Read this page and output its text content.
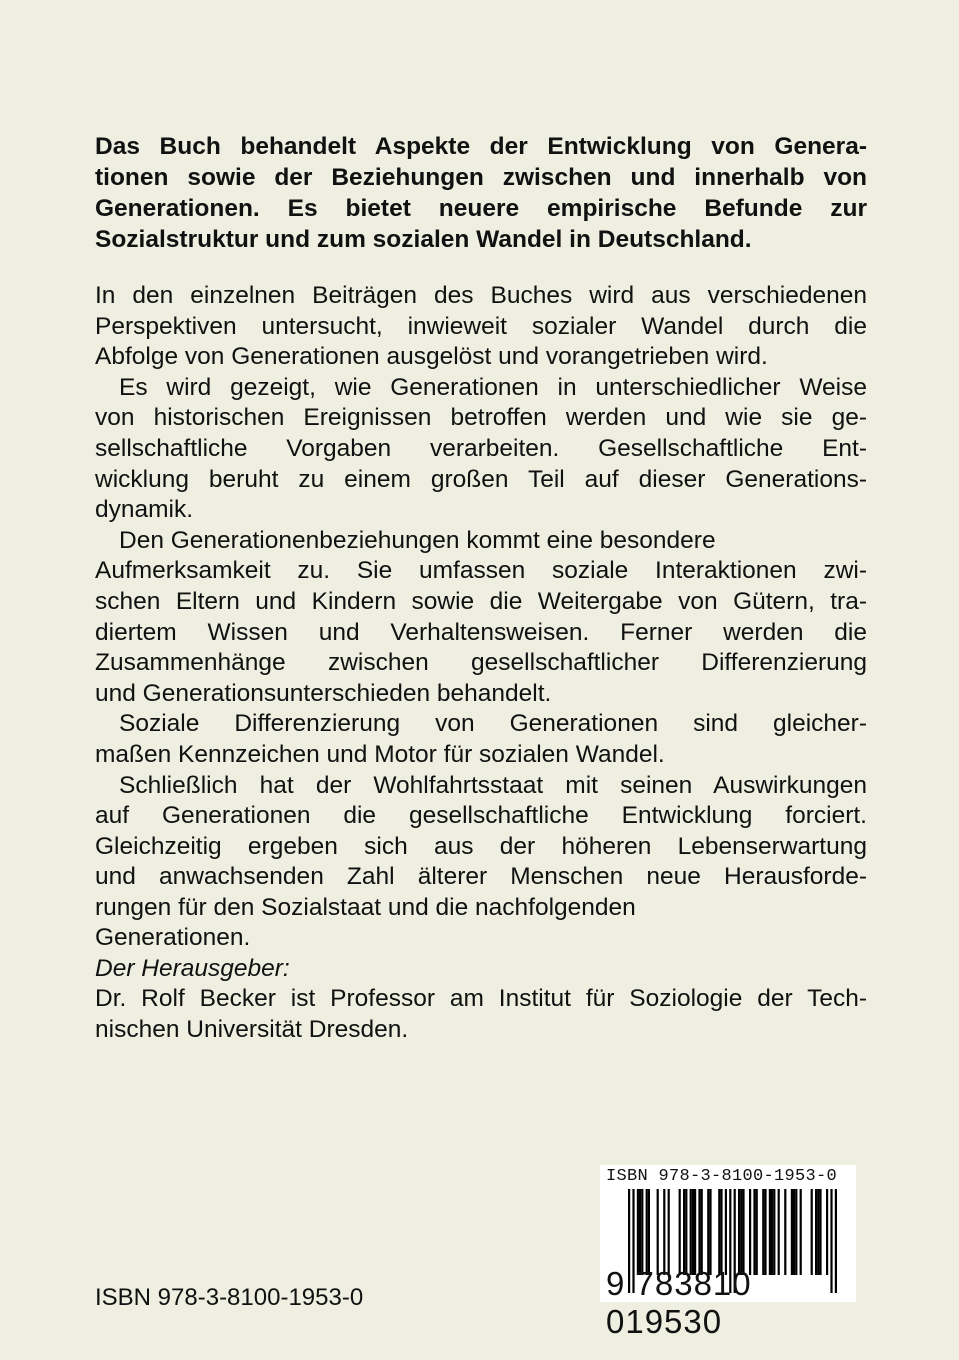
Das Buch behandelt Aspekte der Entwicklung von Genera-
tionen sowie der Beziehungen zwischen und innerhalb von
Generationen. Es bietet neuere empirische Befunde zur
Sozialstruktur und zum sozialen Wandel in Deutschland.
In den einzelnen Beiträgen des Buches wird aus verschiedenen
Perspektiven untersucht, inwieweit sozialer Wandel durch die
Abfolge von Generationen ausgelöst und vorangetrieben wird.
Es wird gezeigt, wie Generationen in unterschiedlicher Weise
von historischen Ereignissen betroffen werden und wie sie ge-
sellschaftliche Vorgaben verarbeiten. Gesellschaftliche Ent-
wicklung beruht zu einem großen Teil auf dieser Generations-
dynamik.
Den Generationenbeziehungen kommt eine besondere
Aufmerksamkeit zu. Sie umfassen soziale Interaktionen zwi-
schen Eltern und Kindern sowie die Weitergabe von Gütern, tra-
diertem Wissen und Verhaltensweisen. Ferner werden die
Zusammenhänge zwischen gesellschaftlicher Differenzierung
und Generationsunterschieden behandelt.
Soziale Differenzierung von Generationen sind gleicher-
maßen Kennzeichen und Motor für sozialen Wandel.
Schließlich hat der Wohlfahrtsstaat mit seinen Auswirkungen
auf Generationen die gesellschaftliche Entwicklung forciert.
Gleichzeitig ergeben sich aus der höheren Lebenserwartung
und anwachsenden Zahl älterer Menschen neue Herausforde-
rungen für den Sozialstaat und die nachfolgenden
Generationen.
Der Herausgeber:
Dr. Rolf Becker ist Professor am Institut für Soziologie der Tech-
nischen Universität Dresden.
ISBN 978-3-8100-1953-0
ISBN 978-3-8100-1953-0
9 783810 019530
